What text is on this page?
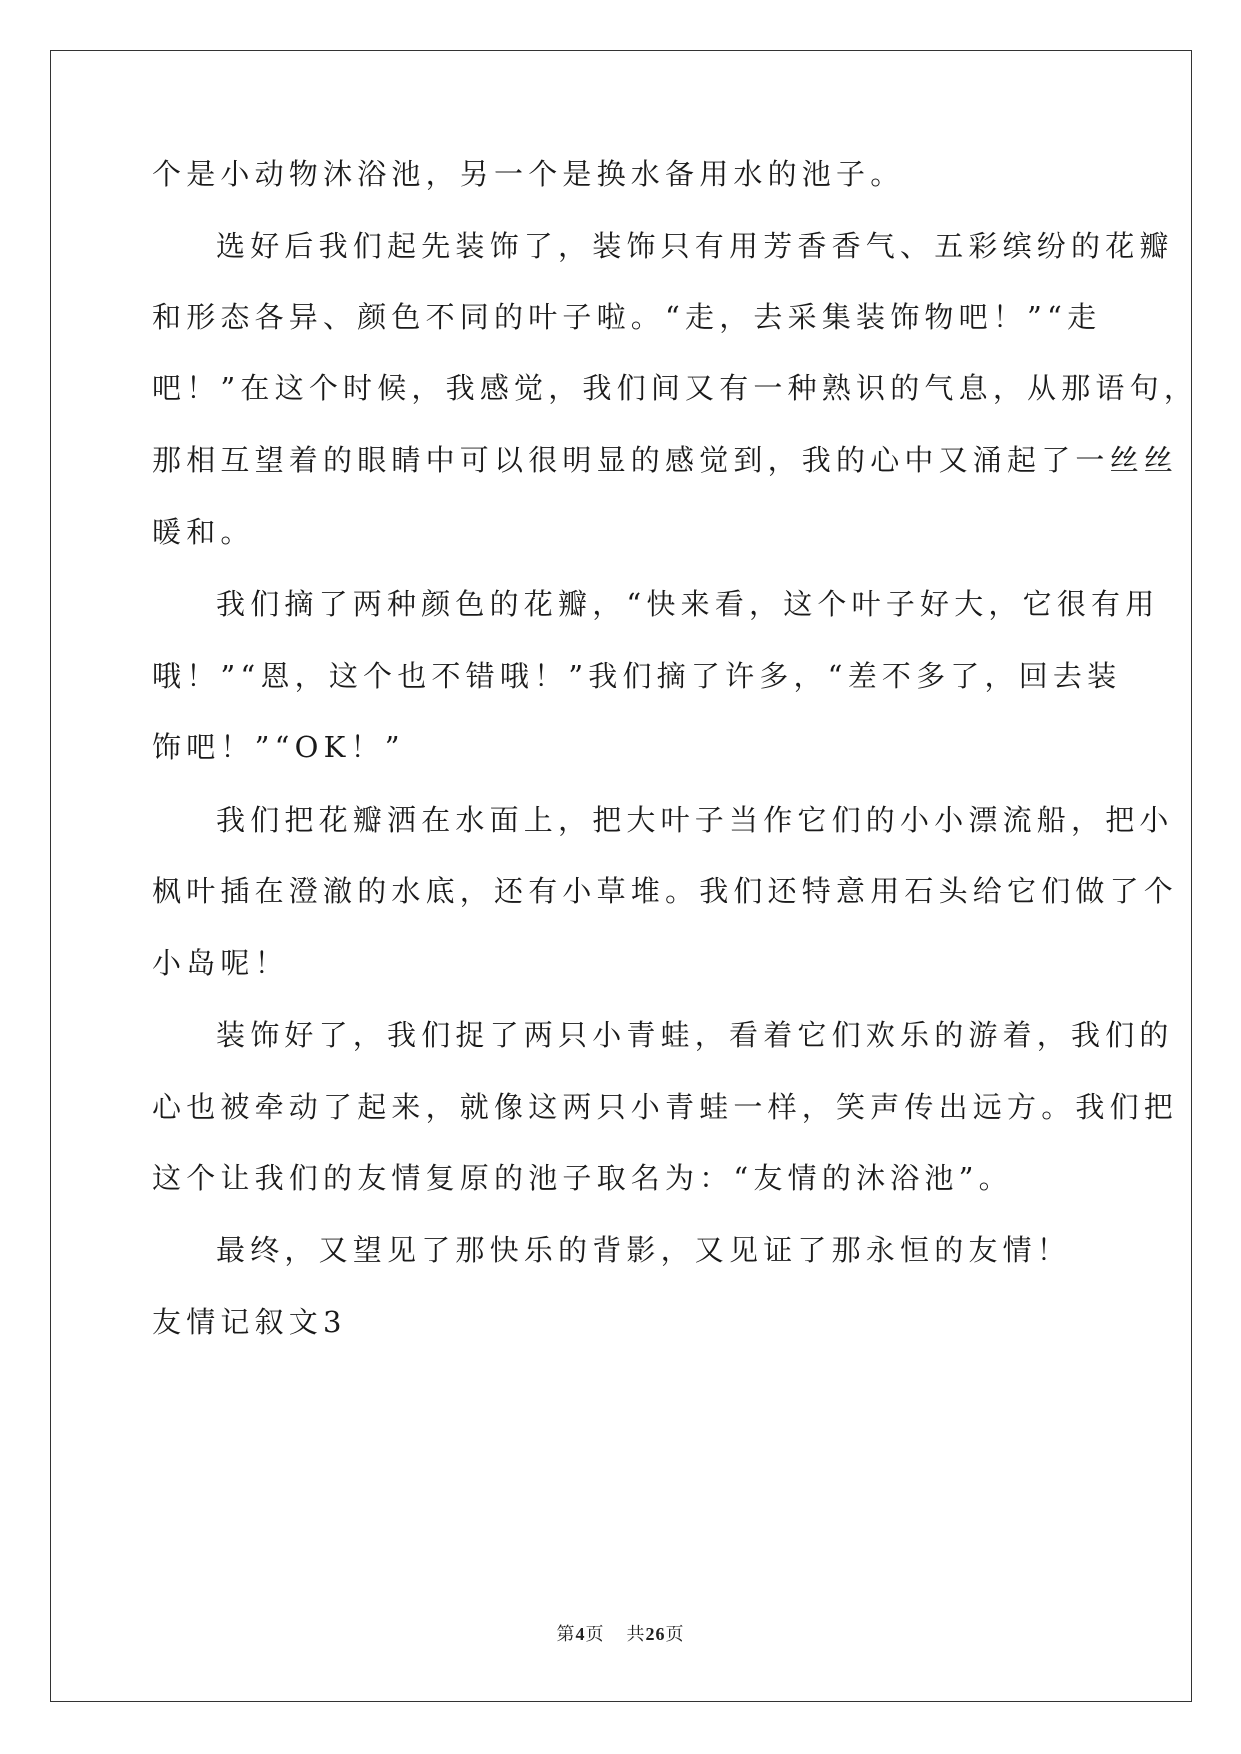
个是小动物沐浴池，另一个是换水备用水的池子。
选好后我们起先装饰了，装饰只有用芳香香气、五彩缤纷的花瓣
和形态各异、颜色不同的叶子啦。“走，去采集装饰物吧！”“走
吧！”在这个时候，我感觉，我们间又有一种熟识的气息，从那语句，
那相互望着的眼睛中可以很明显的感觉到，我的心中又涌起了一丝丝
暖和。
我们摘了两种颜色的花瓣，“快来看，这个叶子好大，它很有用
哦！”“恩，这个也不错哦！”我们摘了许多，“差不多了，回去装
饰吧！”“OK！”
我们把花瓣洒在水面上，把大叶子当作它们的小小漂流船，把小
枫叶插在澄澈的水底，还有小草堆。我们还特意用石头给它们做了个
小岛呢！
装饰好了，我们捉了两只小青蛙，看着它们欢乐的游着，我们的
心也被牵动了起来，就像这两只小青蛙一样，笑声传出远方。我们把
这个让我们的友情复原的池子取名为：“友情的沐浴池”。
最终，又望见了那快乐的背影，又见证了那永恒的友情！
友情记叙文3
第4页 共26页
